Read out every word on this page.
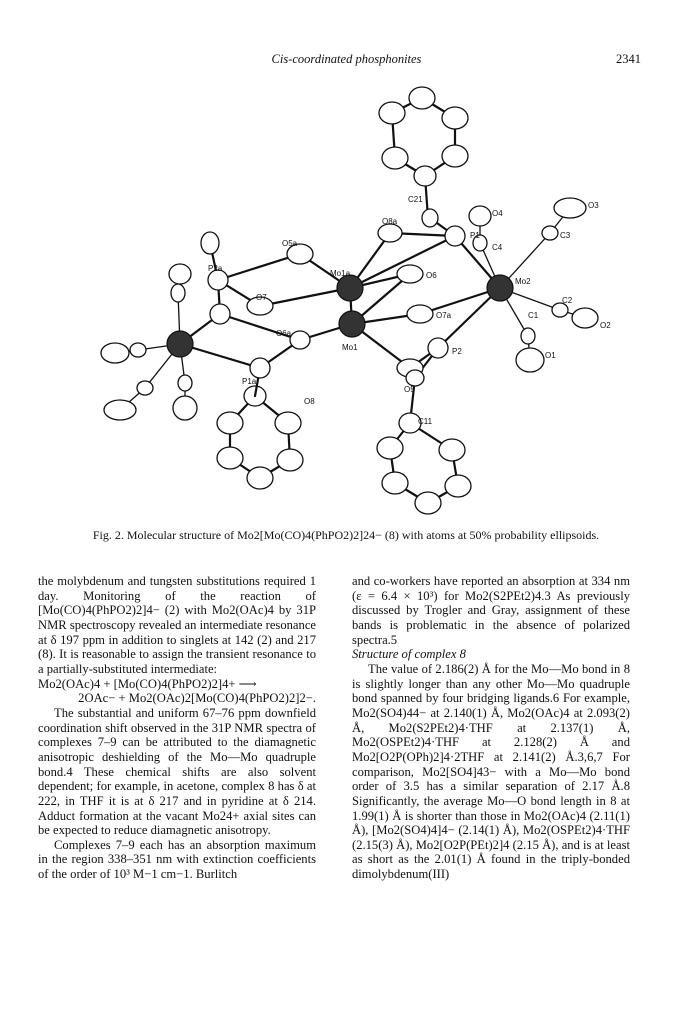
Cis-coordinated phosphonites	2341
C21
O3
O4
O8a
C4
C3
P1
O5a
P2a
Mo1a	O6
Mo2
C2
O7
O7a	C1
O2
O6a
Mo1	P2	O1
P1a
O8
O5
C11
Fig. 2. Molecular structure of Mo2[Mo(CO)4(PhPO2)2]24− (8) with atoms at 50% probability ellipsoids.

the molybdenum and tungsten substitutions required 1 day. Monitoring of the reaction of [Mo(CO)4(PhPO2)2]4− (2) with Mo2(OAc)4 by 31P NMR spectroscopy revealed an intermediate resonance at δ 197 ppm in addition to singlets at 142 (2) and 217 (8). It is reasonable to assign the transient resonance to a partially-substituted intermediate:

Mo2(OAc)4 + [Mo(CO)4(PhPO2)2]4+ ⟶

2OAc− + Mo2(OAc)2[Mo(CO)4(PhPO2)2]2−.

The substantial and uniform 67–76 ppm downfield coordination shift observed in the 31P NMR spectra of complexes 7–9 can be attributed to the diamagnetic anisotropic deshielding of the Mo—Mo quadruple bond.4 These chemical shifts are also solvent dependent; for example, in acetone, complex 8 has δ at 222, in THF it is at δ 217 and in pyridine at δ 214. Adduct formation at the vacant Mo24+ axial sites can be expected to reduce diamagnetic anisotropy.

Complexes 7–9 each has an absorption maximum in the region 338–351 nm with extinction coefficients of the order of 10³ M−1 cm−1. Burlitch

and co-workers have reported an absorption at 334 nm (ε = 6.4 × 10³) for Mo2(S2PEt2)4.3 As previously discussed by Trogler and Gray, assignment of these bands is problematic in the absence of polarized spectra.5

Structure of complex 8

The value of 2.186(2) Å for the Mo—Mo bond in 8 is slightly longer than any other Mo—Mo quadruple bond spanned by four bridging ligands.6 For example, Mo2(SO4)44− at 2.140(1) Å, Mo2(OAc)4 at 2.093(2) Å, Mo2(S2PEt2)4·THF at 2.137(1) Å, Mo2(OSPEt2)4·THF at 2.128(2) Å and Mo2[O2P(OPh)2]4·2THF at 2.141(2) Å.3,6,7 For comparison, Mo2[SO4]43− with a Mo—Mo bond order of 3.5 has a similar separation of 2.17 Å.8 Significantly, the average Mo—O bond length in 8 at 1.99(1) Å is shorter than those in Mo2(OAc)4 (2.11(1) Å), [Mo2(SO4)4]4− (2.14(1) Å), Mo2(OSPEt2)4·THF (2.15(3) Å), Mo2[O2P(PEt)2]4 (2.15 Å), and is at least as short as the 2.01(1) Å found in the triply-bonded dimolybdenum(III)
